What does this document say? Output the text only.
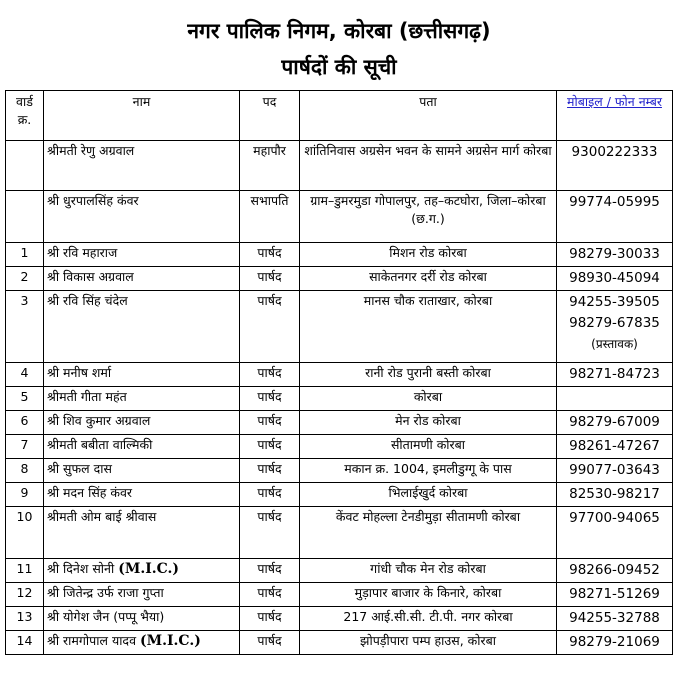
नगर पालिक निगम, कोरबा (छत्तीसगढ़)
पार्षदों की सूची
वार्ड क्र.	नाम	पद	पता	मोबाइल / फोन नम्बर
	श्रीमती रेणु अग्रवाल	महापौर	शांतिनिवास अग्रसेन भवन के सामने अग्रसेन मार्ग कोरबा	9300222333
	श्री धुरपालसिंह कंवर	सभापति	ग्राम–डुमरमुडा गोपालपुर, तह–कटघोरा, जिला–कोरबा (छ.ग.)	99774-05995
1	श्री रवि महाराज	पार्षद	मिशन रोड कोरबा	98279-30033
2	श्री विकास अग्रवाल	पार्षद	साकेतनगर दर्री रोड कोरबा	98930-45094
3	श्री रवि सिंह चंदेल	पार्षद	मानस चौक राताखार, कोरबा	94255-39505
98279-67835
(प्रस्तावक)
4	श्री मनीष शर्मा	पार्षद	रानी रोड पुरानी बस्ती कोरबा	98271-84723
5	श्रीमती गीता महंत	पार्षद	कोरबा	
6	श्री शिव कुमार अग्रवाल	पार्षद	मेन रोड कोरबा	98279-67009
7	श्रीमती बबीता वाल्मिकी	पार्षद	सीतामणी कोरबा	98261-47267
8	श्री सुफल दास	पार्षद	मकान क्र. 1004, इमलीडुग्गू के पास	99077-03643
9	श्री मदन सिंह कंवर	पार्षद	भिलाईखुर्द कोरबा	82530-98217
10	श्रीमती ओम बाई श्रीवास	पार्षद	केंवट मोहल्ला टेनडीमुड़ा सीतामणी कोरबा	97700-94065
11	श्री दिनेश सोनी (M.I.C.)	पार्षद	गांधी चौक मेन रोड कोरबा	98266-09452
12	श्री जितेन्द्र उर्फ राजा गुप्ता	पार्षद	मुड़ापार बाजार के किनारे, कोरबा	98271-51269
13	श्री योगेश जैन (पप्पू भैया)	पार्षद	217 आई.सी.सी. टी.पी. नगर कोरबा	94255-32788
14	श्री रामगोपाल यादव (M.I.C.)	पार्षद	झोपड़ीपारा पम्प हाउस, कोरबा	98279-21069
